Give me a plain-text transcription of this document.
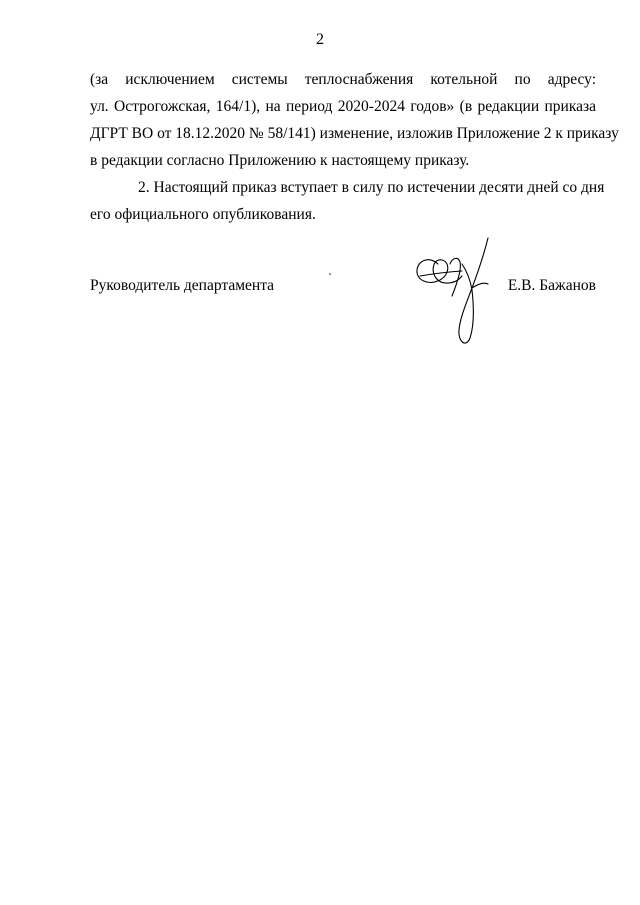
2
(за исключением системы теплоснабжения котельной по адресу:
ул. Острогожская, 164/1), на период 2020-2024 годов» (в редакции приказа
ДГРТ ВО от 18.12.2020 № 58/141) изменение, изложив Приложение 2 к приказу
в редакции согласно Приложению к настоящему приказу.
2. Настоящий приказ вступает в силу по истечении десяти дней со дня
его официального опубликования.
Руководитель департамента	Е.В. Бажанов
